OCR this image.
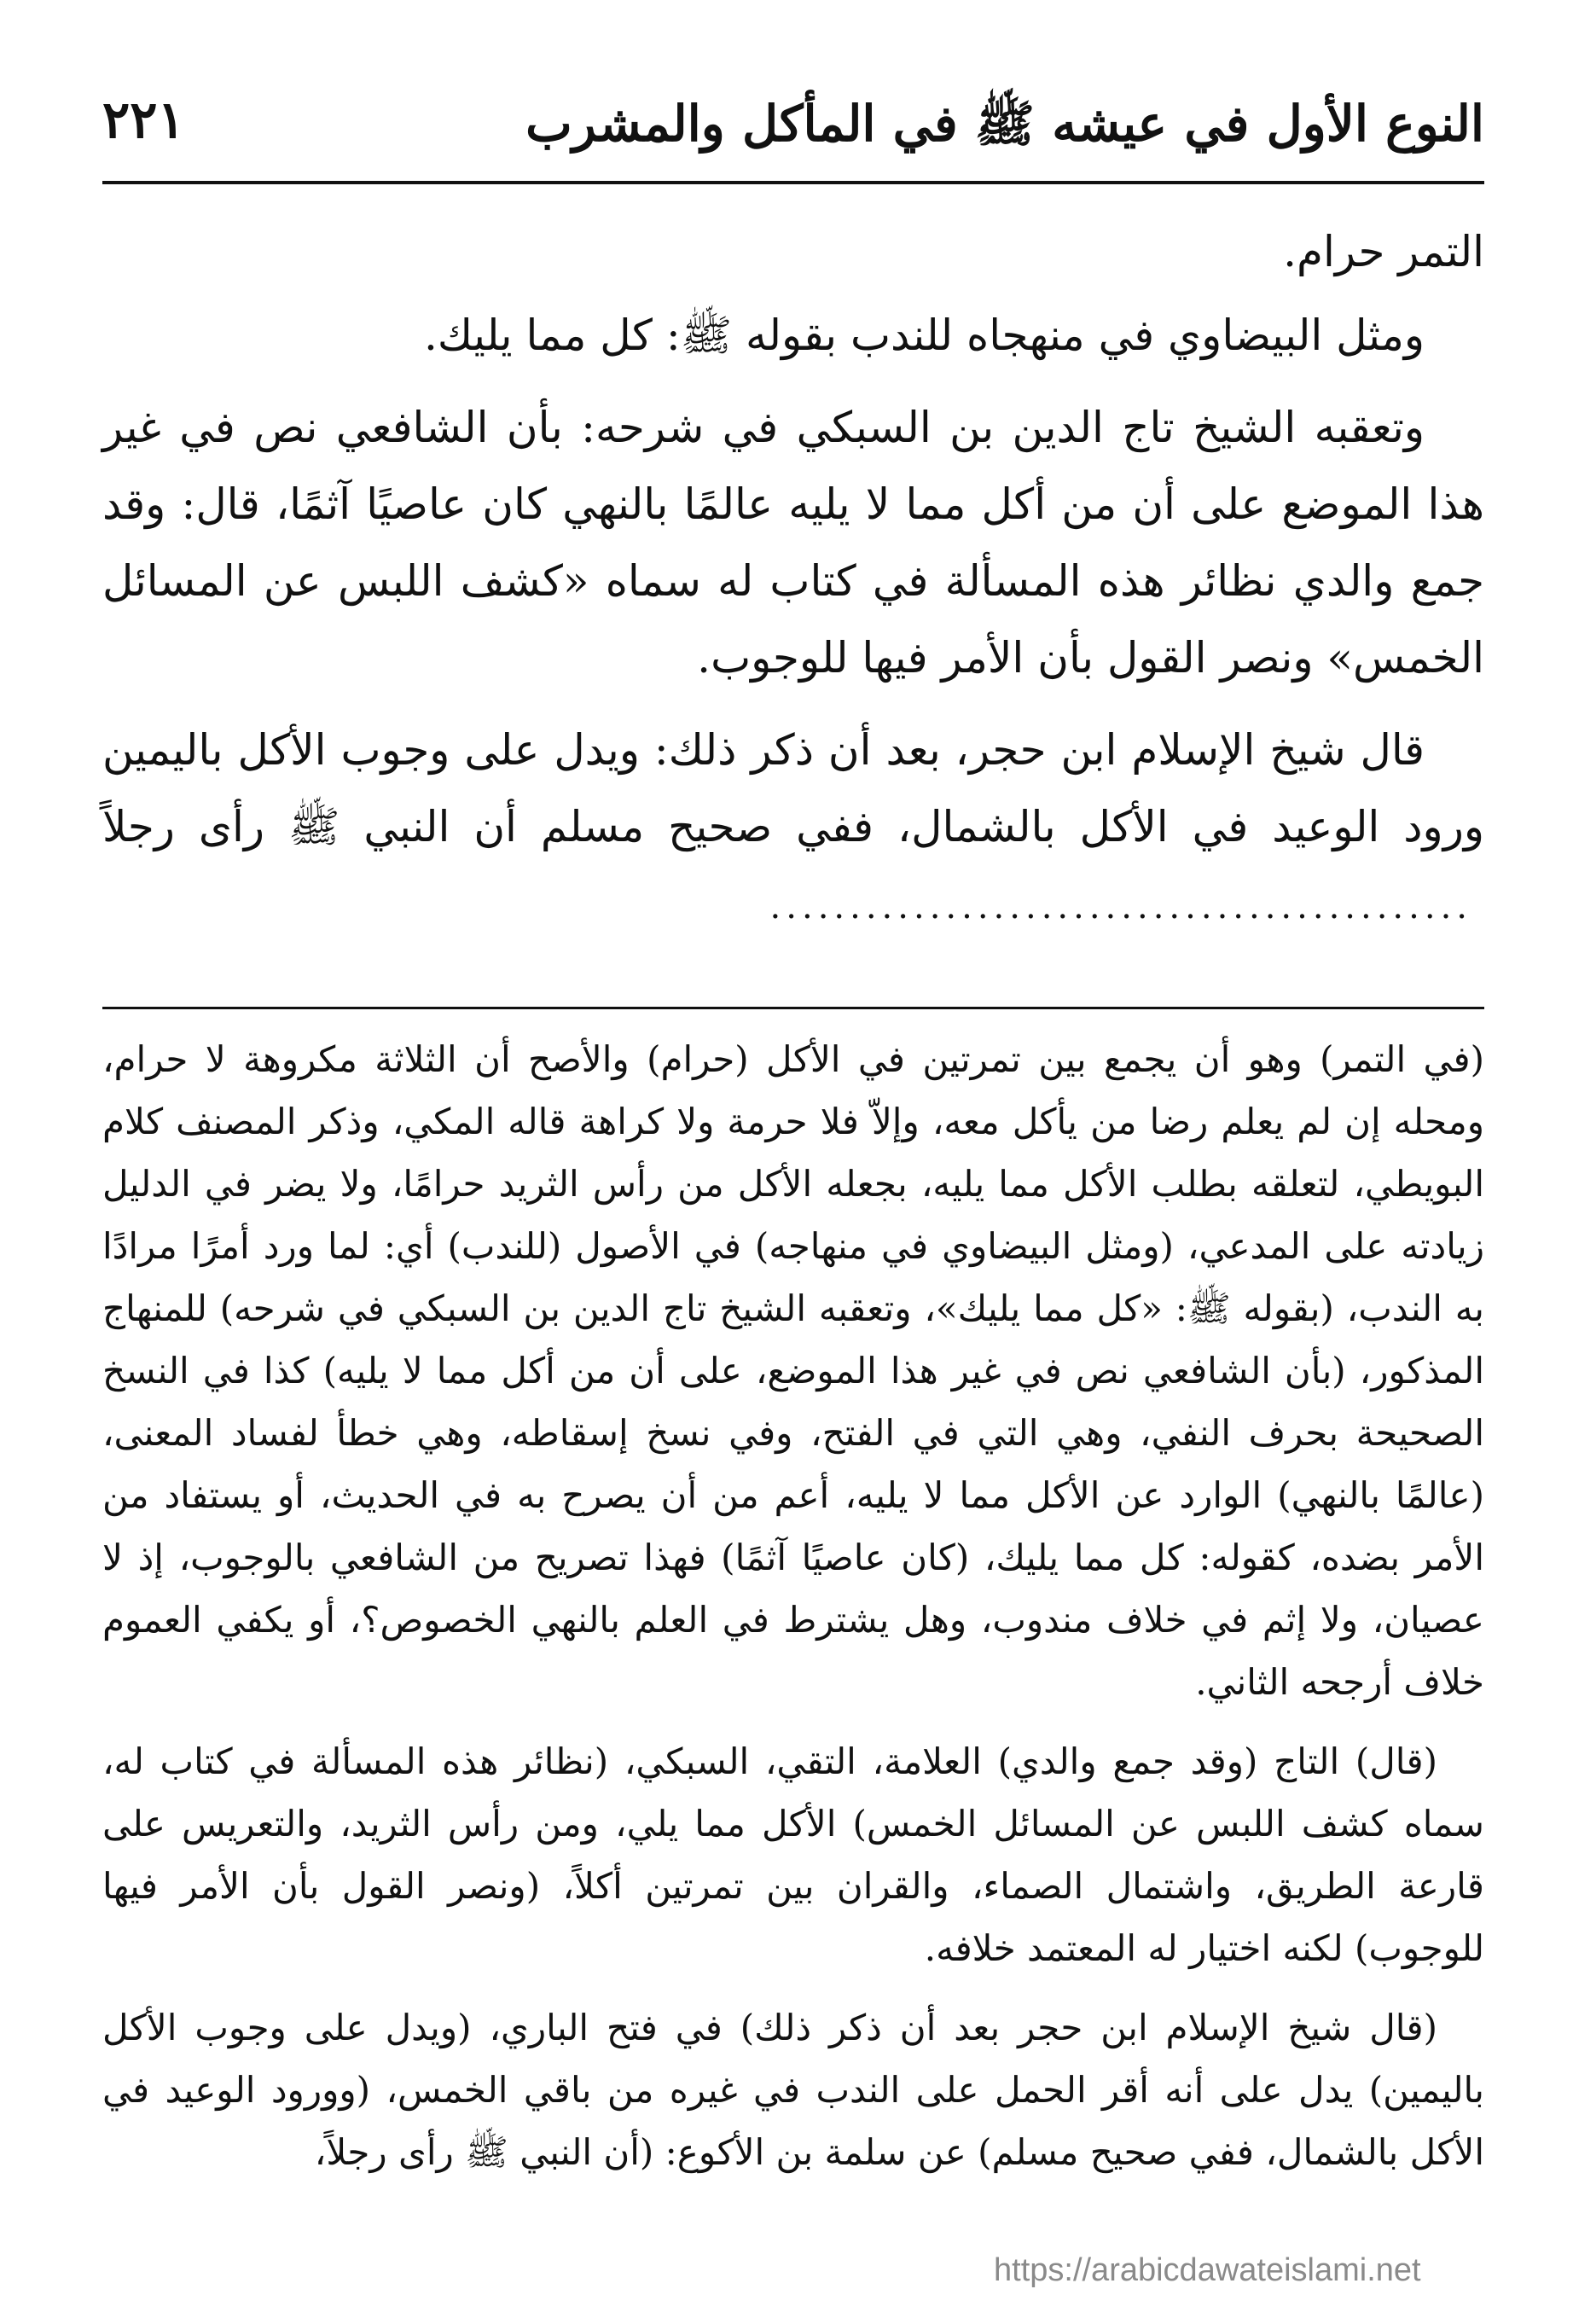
النوع الأول في عيشه ﷺ في المأكل والمشرب
٢٢١

التمر حرام.

ومثل البيضاوي في منهجاه للندب بقوله ﷺ: كل مما يليك.

وتعقبه الشيخ تاج الدين بن السبكي في شرحه: بأن الشافعي نص في غير هذا الموضع على أن من أكل مما لا يليه عالمًا بالنهي كان عاصيًا آثمًا، قال: وقد جمع والدي نظائر هذه المسألة في كتاب له سماه «كشف اللبس عن المسائل الخمس» ونصر القول بأن الأمر فيها للوجوب.

قال شيخ الإسلام ابن حجر، بعد أن ذكر ذلك: ويدل على وجوب الأكل باليمين ورود الوعيد في الأكل بالشمال، ففي صحيح مسلم أن النبي ﷺ رأى رجلاً............................................

(في التمر) وهو أن يجمع بين تمرتين في الأكل (حرام) والأصح أن الثلاثة مكروهة لا حرام، ومحله إن لم يعلم رضا من يأكل معه، وإلاّ فلا حرمة ولا كراهة قاله المكي، وذكر المصنف كلام البويطي، لتعلقه بطلب الأكل مما يليه، بجعله الأكل من رأس الثريد حرامًا، ولا يضر في الدليل زيادته على المدعي، (ومثل البيضاوي في منهاجه) في الأصول (للندب) أي: لما ورد أمرًا مرادًا به الندب، (بقوله ﷺ: «كل مما يليك»، وتعقبه الشيخ تاج الدين بن السبكي في شرحه) للمنهاج المذكور، (بأن الشافعي نص في غير هذا الموضع، على أن من أكل مما لا يليه) كذا في النسخ الصحيحة بحرف النفي، وهي التي في الفتح، وفي نسخ إسقاطه، وهي خطأ لفساد المعنى، (عالمًا بالنهي) الوارد عن الأكل مما لا يليه، أعم من أن يصرح به في الحديث، أو يستفاد من الأمر بضده، كقوله: كل مما يليك، (كان عاصيًا آثمًا) فهذا تصريح من الشافعي بالوجوب، إذ لا عصيان، ولا إثم في خلاف مندوب، وهل يشترط في العلم بالنهي الخصوص؟، أو يكفي العموم خلاف أرجحه الثاني.

(قال) التاج (وقد جمع والدي) العلامة، التقي، السبكي، (نظائر هذه المسألة في كتاب له، سماه كشف اللبس عن المسائل الخمس) الأكل مما يلي، ومن رأس الثريد، والتعريس على قارعة الطريق، واشتمال الصماء، والقران بين تمرتين أكلاً، (ونصر القول بأن الأمر فيها للوجوب) لكنه اختيار له المعتمد خلافه.

(قال شيخ الإسلام ابن حجر بعد أن ذكر ذلك) في فتح الباري، (ويدل على وجوب الأكل باليمين) يدل على أنه أقر الحمل على الندب في غيره من باقي الخمس، (وورود الوعيد في الأكل بالشمال، ففي صحيح مسلم) عن سلمة بن الأكوع: (أن النبي ﷺ رأى رجلاً،

https://arabicdawateislami.net
